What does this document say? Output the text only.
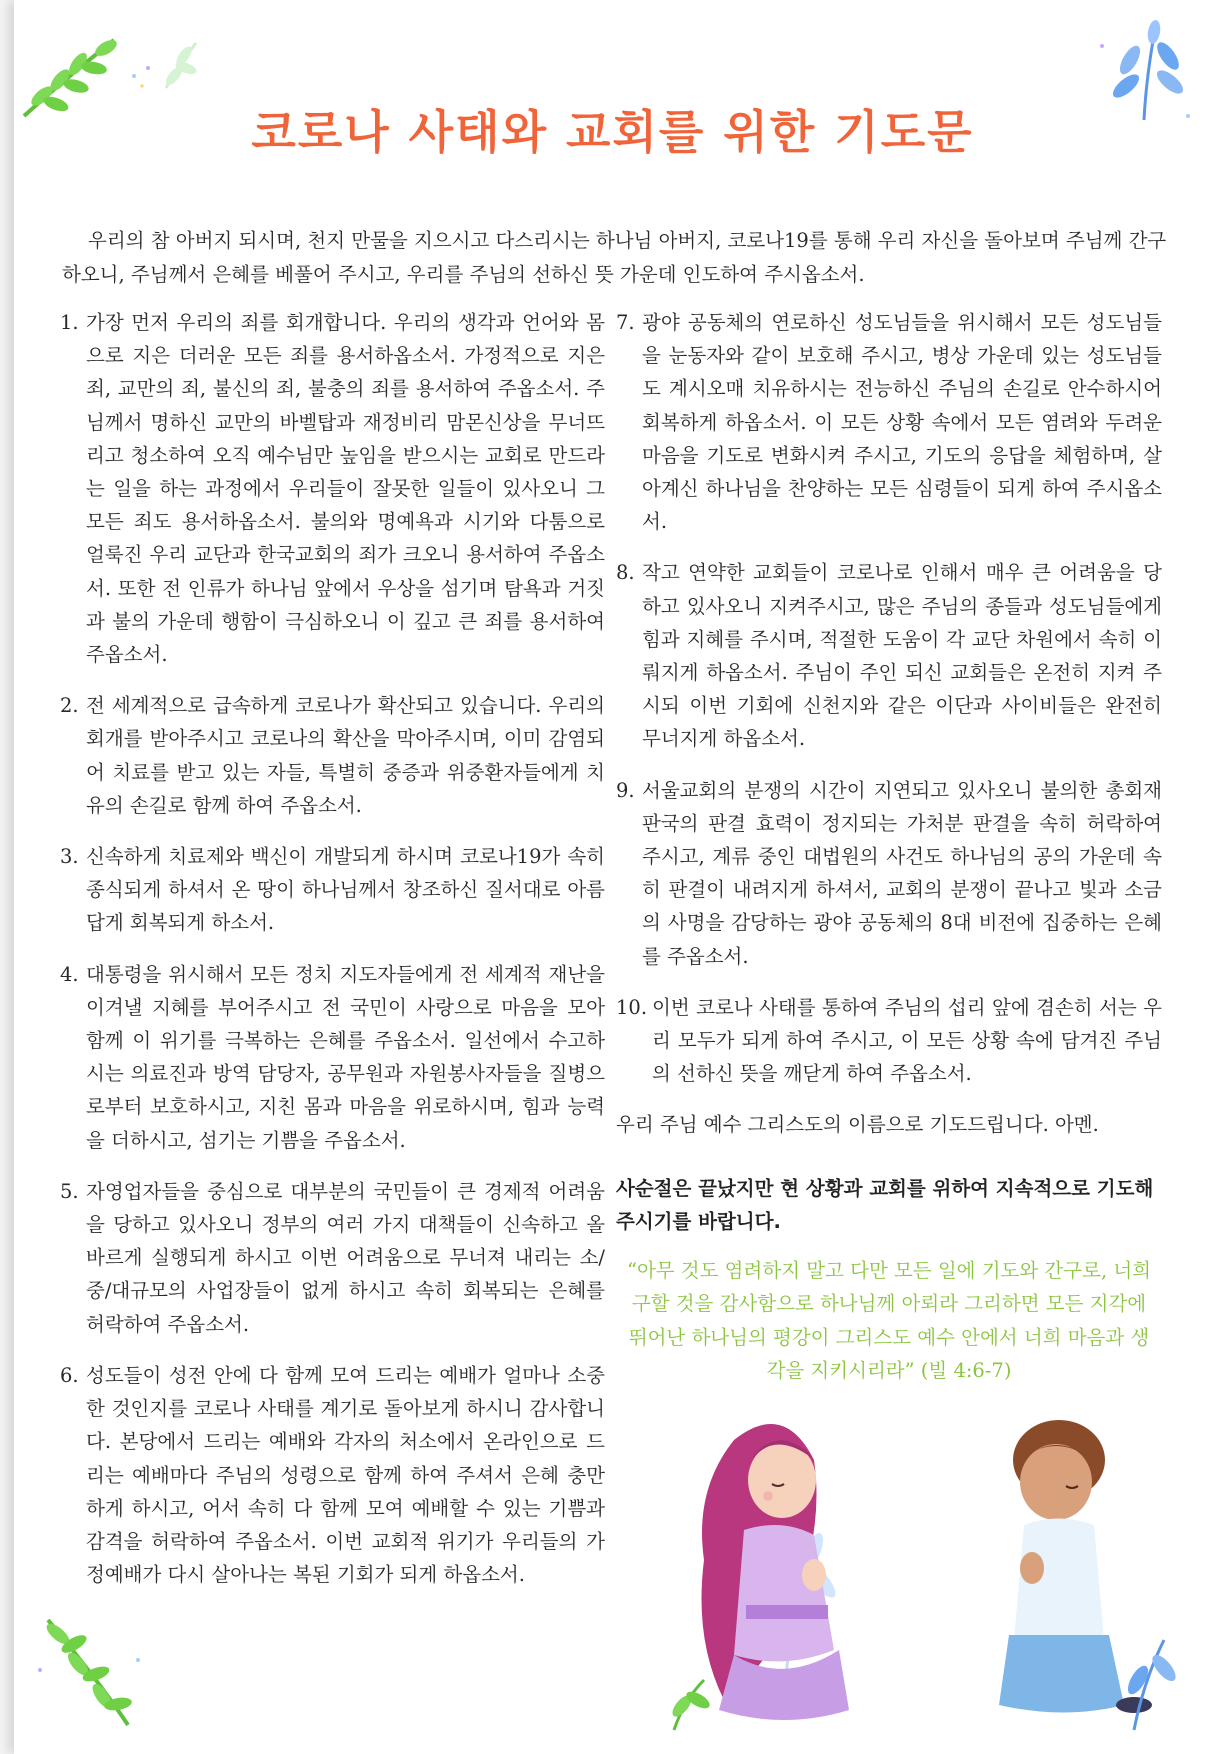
코로나 사태와 교회를 위한 기도문
우리의 참 아버지 되시며, 천지 만물을 지으시고 다스리시는 하나님 아버지, 코로나19를 통해 우리 자신을 돌아보며 주님께 간구하오니, 주님께서 은혜를 베풀어 주시고, 우리를 주님의 선하신 뜻 가운데 인도하여 주시옵소서.
1. 가장 먼저 우리의 죄를 회개합니다. 우리의 생각과 언어와 몸으로 지은 더러운 모든 죄를 용서하옵소서. 가정적으로 지은 죄, 교만의 죄, 불신의 죄, 불충의 죄를 용서하여 주옵소서. 주님께서 명하신 교만의 바벨탑과 재정비리 맘몬신상을 무너뜨리고 청소하여 오직 예수님만 높임을 받으시는 교회로 만드라는 일을 하는 과정에서 우리들이 잘못한 일들이 있사오니 그 모든 죄도 용서하옵소서. 불의와 명예욕과 시기와 다툼으로 얼룩진 우리 교단과 한국교회의 죄가 크오니 용서하여 주옵소서. 또한 전 인류가 하나님 앞에서 우상을 섬기며 탐욕과 거짓과 불의 가운데 행함이 극심하오니 이 깊고 큰 죄를 용서하여 주옵소서.
2. 전 세계적으로 급속하게 코로나가 확산되고 있습니다. 우리의 회개를 받아주시고 코로나의 확산을 막아주시며, 이미 감염되어 치료를 받고 있는 자들, 특별히 중증과 위중환자들에게 치유의 손길로 함께 하여 주옵소서.
3. 신속하게 치료제와 백신이 개발되게 하시며 코로나19가 속히 종식되게 하셔서 온 땅이 하나님께서 창조하신 질서대로 아름답게 회복되게 하소서.
4. 대통령을 위시해서 모든 정치 지도자들에게 전 세계적 재난을 이겨낼 지혜를 부어주시고 전 국민이 사랑으로 마음을 모아 함께 이 위기를 극복하는 은혜를 주옵소서. 일선에서 수고하시는 의료진과 방역 담당자, 공무원과 자원봉사자들을 질병으로부터 보호하시고, 지친 몸과 마음을 위로하시며, 힘과 능력을 더하시고, 섬기는 기쁨을 주옵소서.
5. 자영업자들을 중심으로 대부분의 국민들이 큰 경제적 어려움을 당하고 있사오니 정부의 여러 가지 대책들이 신속하고 올바르게 실행되게 하시고 이번 어려움으로 무너져 내리는 소/중/대규모의 사업장들이 없게 하시고 속히 회복되는 은혜를 허락하여 주옵소서.
6. 성도들이 성전 안에 다 함께 모여 드리는 예배가 얼마나 소중한 것인지를 코로나 사태를 계기로 돌아보게 하시니 감사합니다. 본당에서 드리는 예배와 각자의 처소에서 온라인으로 드리는 예배마다 주님의 성령으로 함께 하여 주셔서 은혜 충만하게 하시고, 어서 속히 다 함께 모여 예배할 수 있는 기쁨과 감격을 허락하여 주옵소서. 이번 교회적 위기가 우리들의 가정예배가 다시 살아나는 복된 기회가 되게 하옵소서.
7. 광야 공동체의 연로하신 성도님들을 위시해서 모든 성도님들을 눈동자와 같이 보호해 주시고, 병상 가운데 있는 성도님들도 계시오매 치유하시는 전능하신 주님의 손길로 안수하시어 회복하게 하옵소서. 이 모든 상황 속에서 모든 염려와 두려운 마음을 기도로 변화시켜 주시고, 기도의 응답을 체험하며, 살아계신 하나님을 찬양하는 모든 심령들이 되게 하여 주시옵소서.
8. 작고 연약한 교회들이 코로나로 인해서 매우 큰 어려움을 당하고 있사오니 지켜주시고, 많은 주님의 종들과 성도님들에게 힘과 지혜를 주시며, 적절한 도움이 각 교단 차원에서 속히 이뤄지게 하옵소서. 주님이 주인 되신 교회들은 온전히 지켜 주시되 이번 기회에 신천지와 같은 이단과 사이비들은 완전히 무너지게 하옵소서.
9. 서울교회의 분쟁의 시간이 지연되고 있사오니 불의한 총회재판국의 판결 효력이 정지되는 가처분 판결을 속히 허락하여 주시고, 계류 중인 대법원의 사건도 하나님의 공의 가운데 속히 판결이 내려지게 하셔서, 교회의 분쟁이 끝나고 빛과 소금의 사명을 감당하는 광야 공동체의 8대 비전에 집중하는 은혜를 주옵소서.
10. 이번 코로나 사태를 통하여 주님의 섭리 앞에 겸손히 서는 우리 모두가 되게 하여 주시고, 이 모든 상황 속에 담겨진 주님의 선하신 뜻을 깨닫게 하여 주옵소서.
우리 주님 예수 그리스도의 이름으로 기도드립니다. 아멘.
사순절은 끝났지만 현 상황과 교회를 위하여 지속적으로 기도해 주시기를 바랍니다.
“아무 것도 염려하지 말고 다만 모든 일에 기도와 간구로, 너희 구할 것을 감사함으로 하나님께 아뢰라 그리하면 모든 지각에 뛰어난 하나님의 평강이 그리스도 예수 안에서 너희 마음과 생각을 지키시리라” (빌 4:6-7)
